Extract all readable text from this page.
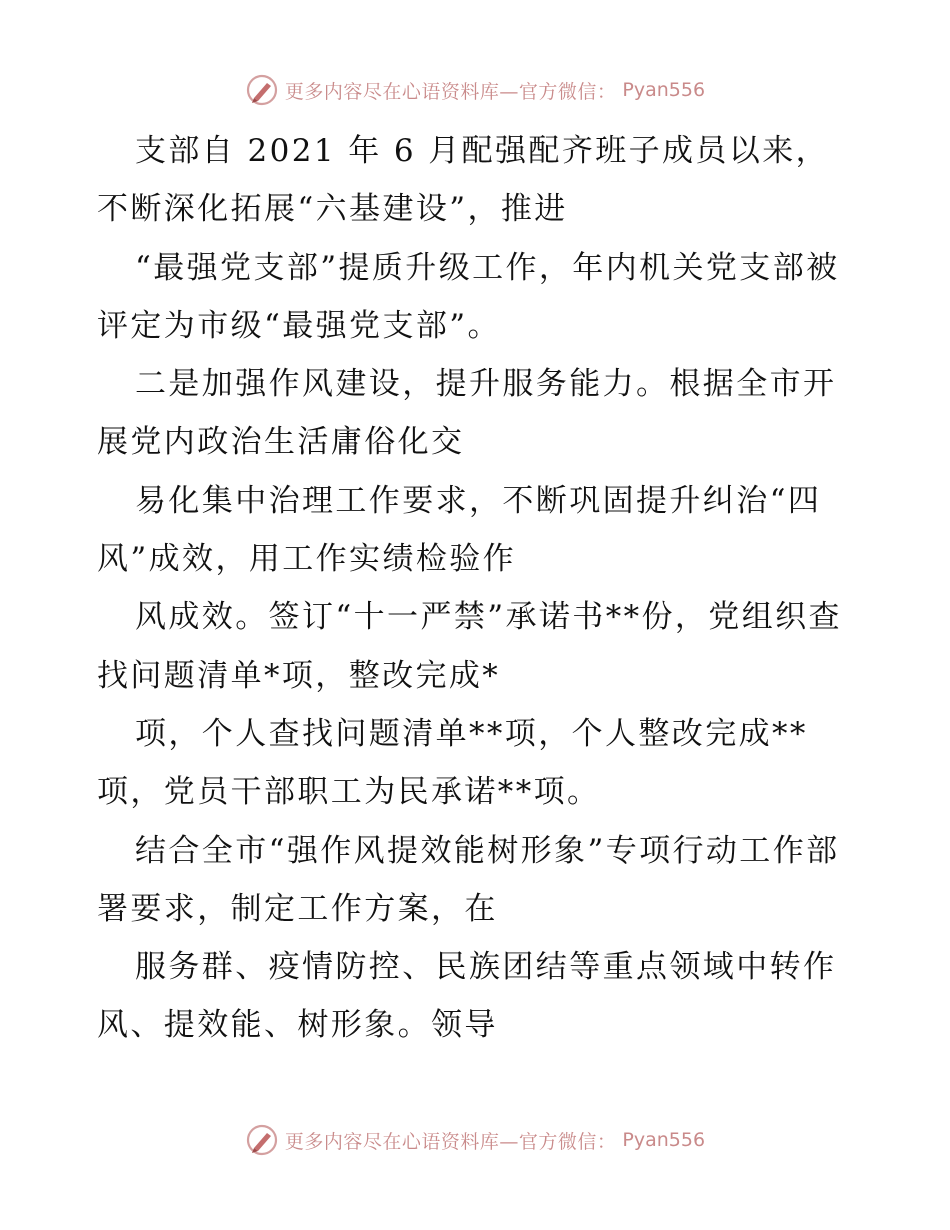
更多内容尽在心语资料库—官方微信： Pyan556

支部自 2021 年 6 月配强配齐班子成员以来，不断深化拓展“六基建设”，推进

“最强党支部”提质升级工作，年内机关党支部被评定为市级“最强党支部”。

二是加强作风建设，提升服务能力。根据全市开展党内政治生活庸俗化交

易化集中治理工作要求，不断巩固提升纠治“四风”成效，用工作实绩检验作

风成效。签订“十一严禁”承诺书**份，党组织查找问题清单*项，整改完成*

项，个人查找问题清单**项，个人整改完成**项，党员干部职工为民承诺**项。

结合全市“强作风提效能树形象”专项行动工作部署要求，制定工作方案，在

服务群、疫情防控、民族团结等重点领域中转作风、提效能、树形象。领导

更多内容尽在心语资料库—官方微信： Pyan556
